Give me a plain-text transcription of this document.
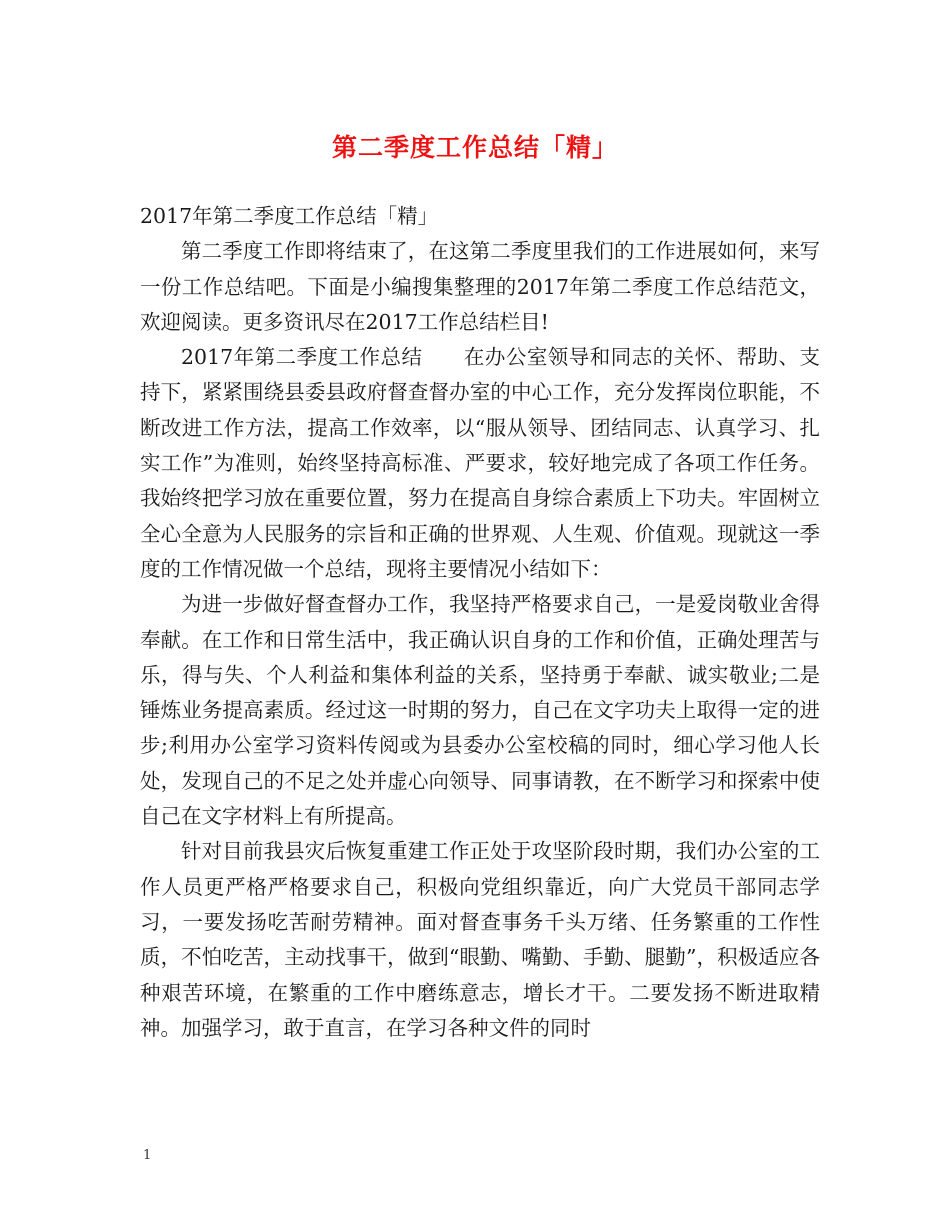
第二季度工作总结「精」

2017年第二季度工作总结「精」

第二季度工作即将结束了，在这第二季度里我们的工作进展如何，来写一份工作总结吧。下面是小编搜集整理的2017年第二季度工作总结范文，欢迎阅读。更多资讯尽在2017工作总结栏目!

2017年第二季度工作总结 在办公室领导和同志的关怀、帮助、支持下，紧紧围绕县委县政府督查督办室的中心工作，充分发挥岗位职能，不断改进工作方法，提高工作效率，以“服从领导、团结同志、认真学习、扎实工作”为准则，始终坚持高标准、严要求，较好地完成了各项工作任务。我始终把学习放在重要位置，努力在提高自身综合素质上下功夫。牢固树立全心全意为人民服务的宗旨和正确的世界观、人生观、价值观。现就这一季度的工作情况做一个总结，现将主要情况小结如下：

为进一步做好督查督办工作，我坚持严格要求自己，一是爱岗敬业舍得奉献。在工作和日常生活中，我正确认识自身的工作和价值，正确处理苦与乐，得与失、个人利益和集体利益的关系，坚持勇于奉献、诚实敬业;二是锤炼业务提高素质。经过这一时期的努力，自己在文字功夫上取得一定的进步;利用办公室学习资料传阅或为县委办公室校稿的同时，细心学习他人长处，发现自己的不足之处并虚心向领导、同事请教，在不断学习和探索中使自己在文字材料上有所提高。

针对目前我县灾后恢复重建工作正处于攻坚阶段时期，我们办公室的工作人员更严格严格要求自己，积极向党组织靠近，向广大党员干部同志学习，一要发扬吃苦耐劳精神。面对督查事务千头万绪、任务繁重的工作性质，不怕吃苦，主动找事干，做到“眼勤、嘴勤、手勤、腿勤”，积极适应各种艰苦环境，在繁重的工作中磨练意志，增长才干。二要发扬不断进取精神。加强学习，敢于直言，在学习各种文件的同时

1
